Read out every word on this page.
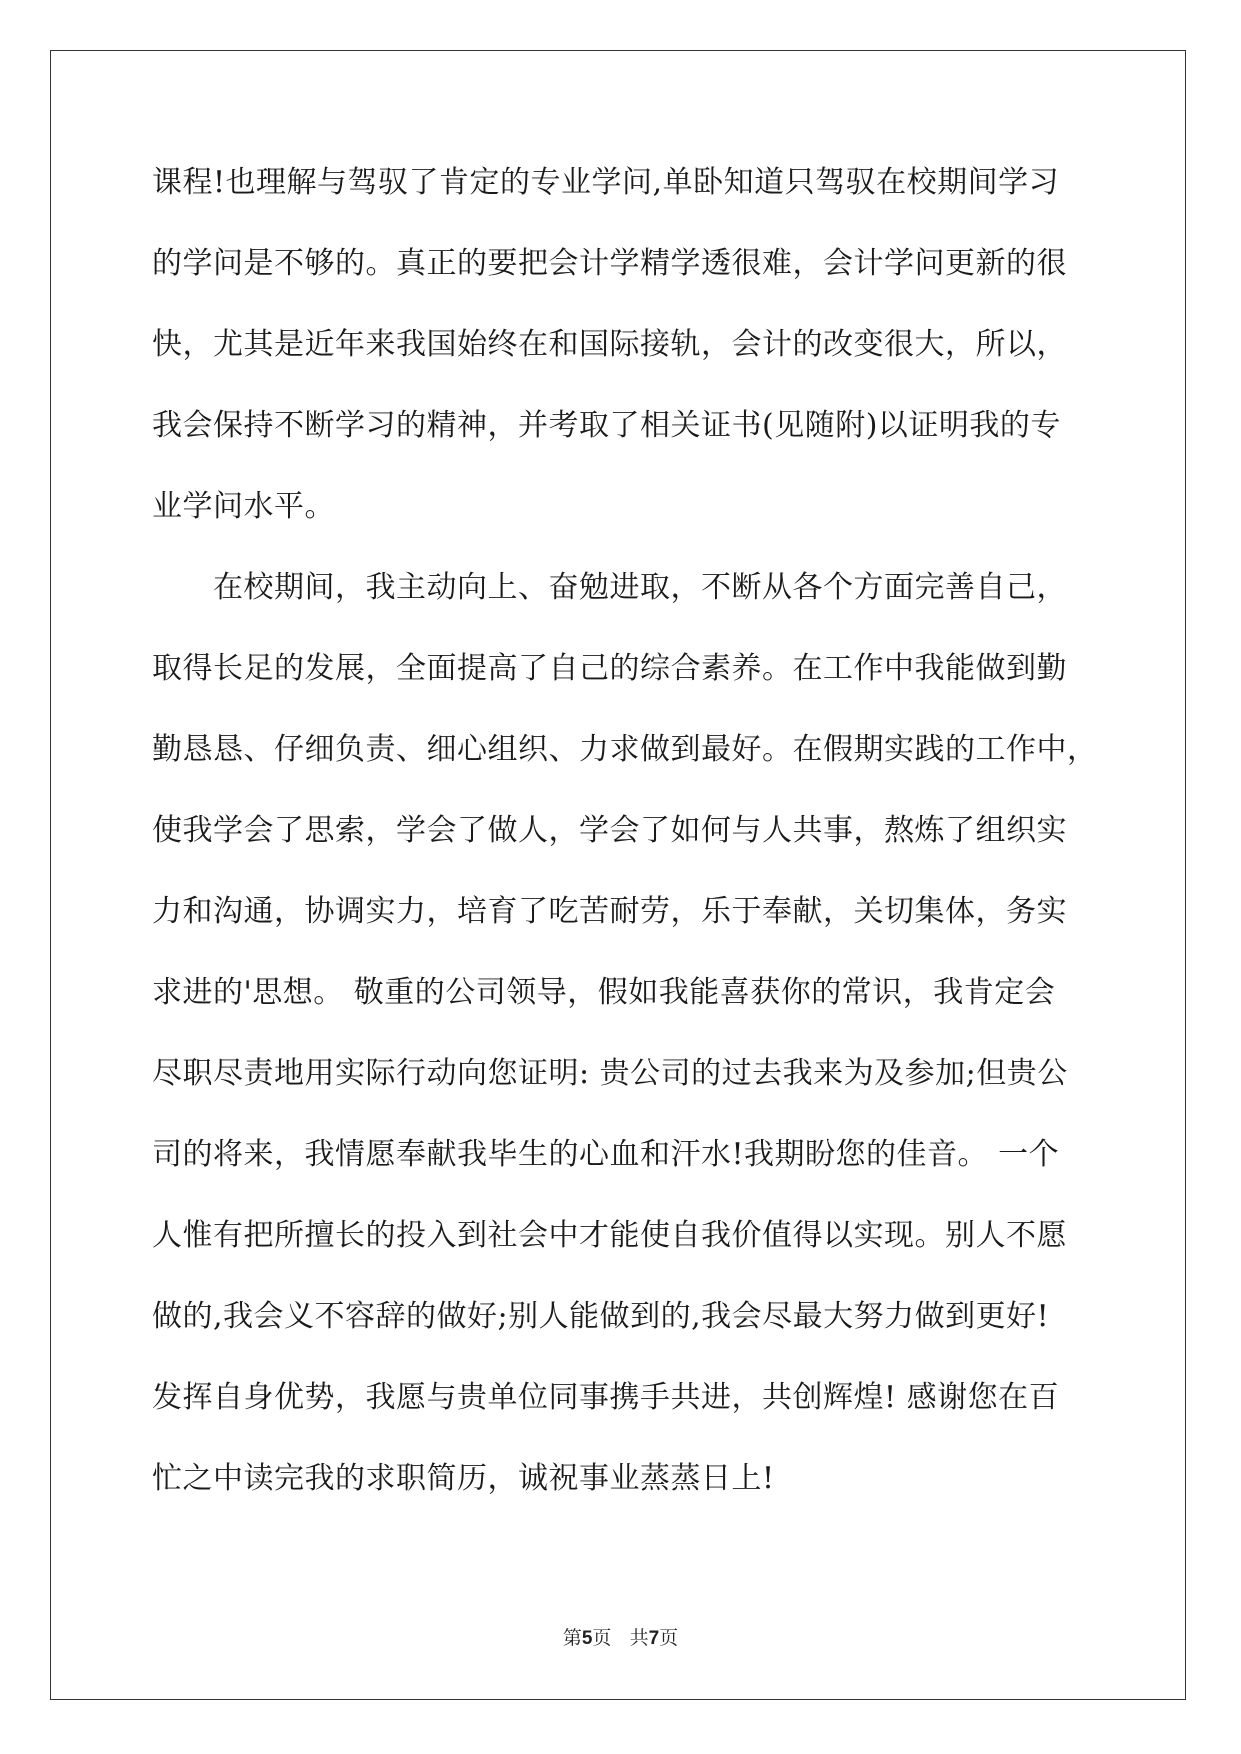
课程!也理解与驾驭了肯定的专业学问,单卧知道只驾驭在校期间学习
的学问是不够的。真正的要把会计学精学透很难，会计学问更新的很
快，尤其是近年来我国始终在和国际接轨，会计的改变很大，所以，
我会保持不断学习的精神，并考取了相关证书(见随附)以证明我的专
业学问水平。
　　在校期间，我主动向上、奋勉进取，不断从各个方面完善自己，
取得长足的发展，全面提高了自己的综合素养。在工作中我能做到勤
勤恳恳、仔细负责、细心组织、力求做到最好。在假期实践的工作中，
使我学会了思索，学会了做人，学会了如何与人共事，熬炼了组织实
力和沟通，协调实力，培育了吃苦耐劳，乐于奉献，关切集体，务实
求进的'思想。 敬重的公司领导，假如我能喜获你的常识，我肯定会
尽职尽责地用实际行动向您证明: 贵公司的过去我来为及参加;但贵公
司的将来，我情愿奉献我毕生的心血和汗水!我期盼您的佳音。 一个
人惟有把所擅长的投入到社会中才能使自我价值得以实现。别人不愿
做的,我会义不容辞的做好;别人能做到的,我会尽最大努力做到更好!
发挥自身优势，我愿与贵单位同事携手共进，共创辉煌! 感谢您在百
忙之中读完我的求职简历，诚祝事业蒸蒸日上!
第5页 共7页
